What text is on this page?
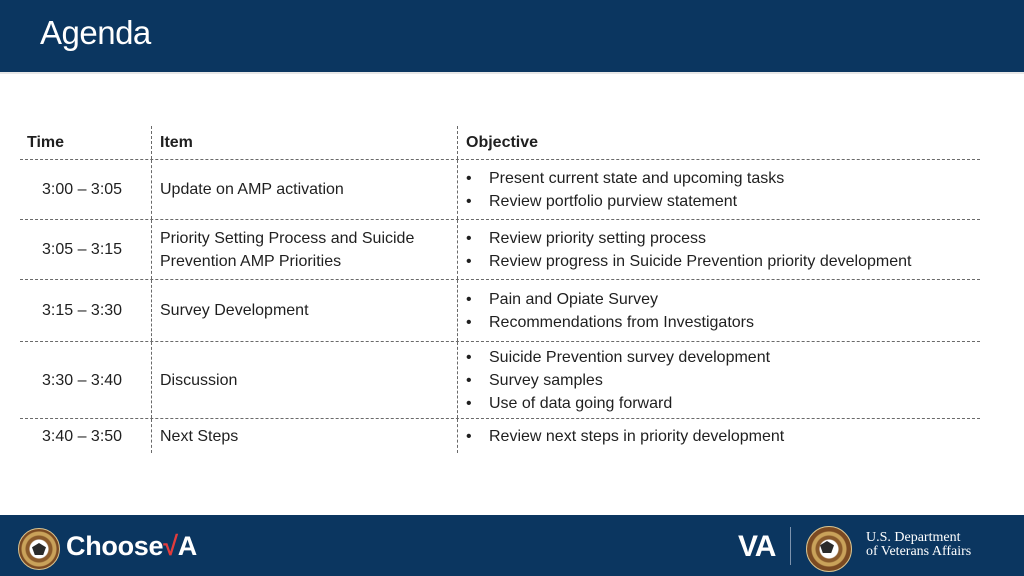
Agenda
Time	Item	Objective
3:00 – 3:05	Update on AMP activation
• Present current state and upcoming tasks
• Review portfolio purview statement
3:05 – 3:15
Priority Setting Process and Suicide Prevention AMP Priorities
• Review priority setting process
• Review progress in Suicide Prevention priority development
3:15 – 3:30	Survey Development
• Pain and Opiate Survey
• Recommendations from Investigators
3:30 – 3:40	Discussion
• Suicide Prevention survey development
• Survey samples
• Use of data going forward
3:40 – 3:50	Next Steps
•	Review next steps in priority development
Choose√A	VA	U.S. Department
of Veterans Affairs
